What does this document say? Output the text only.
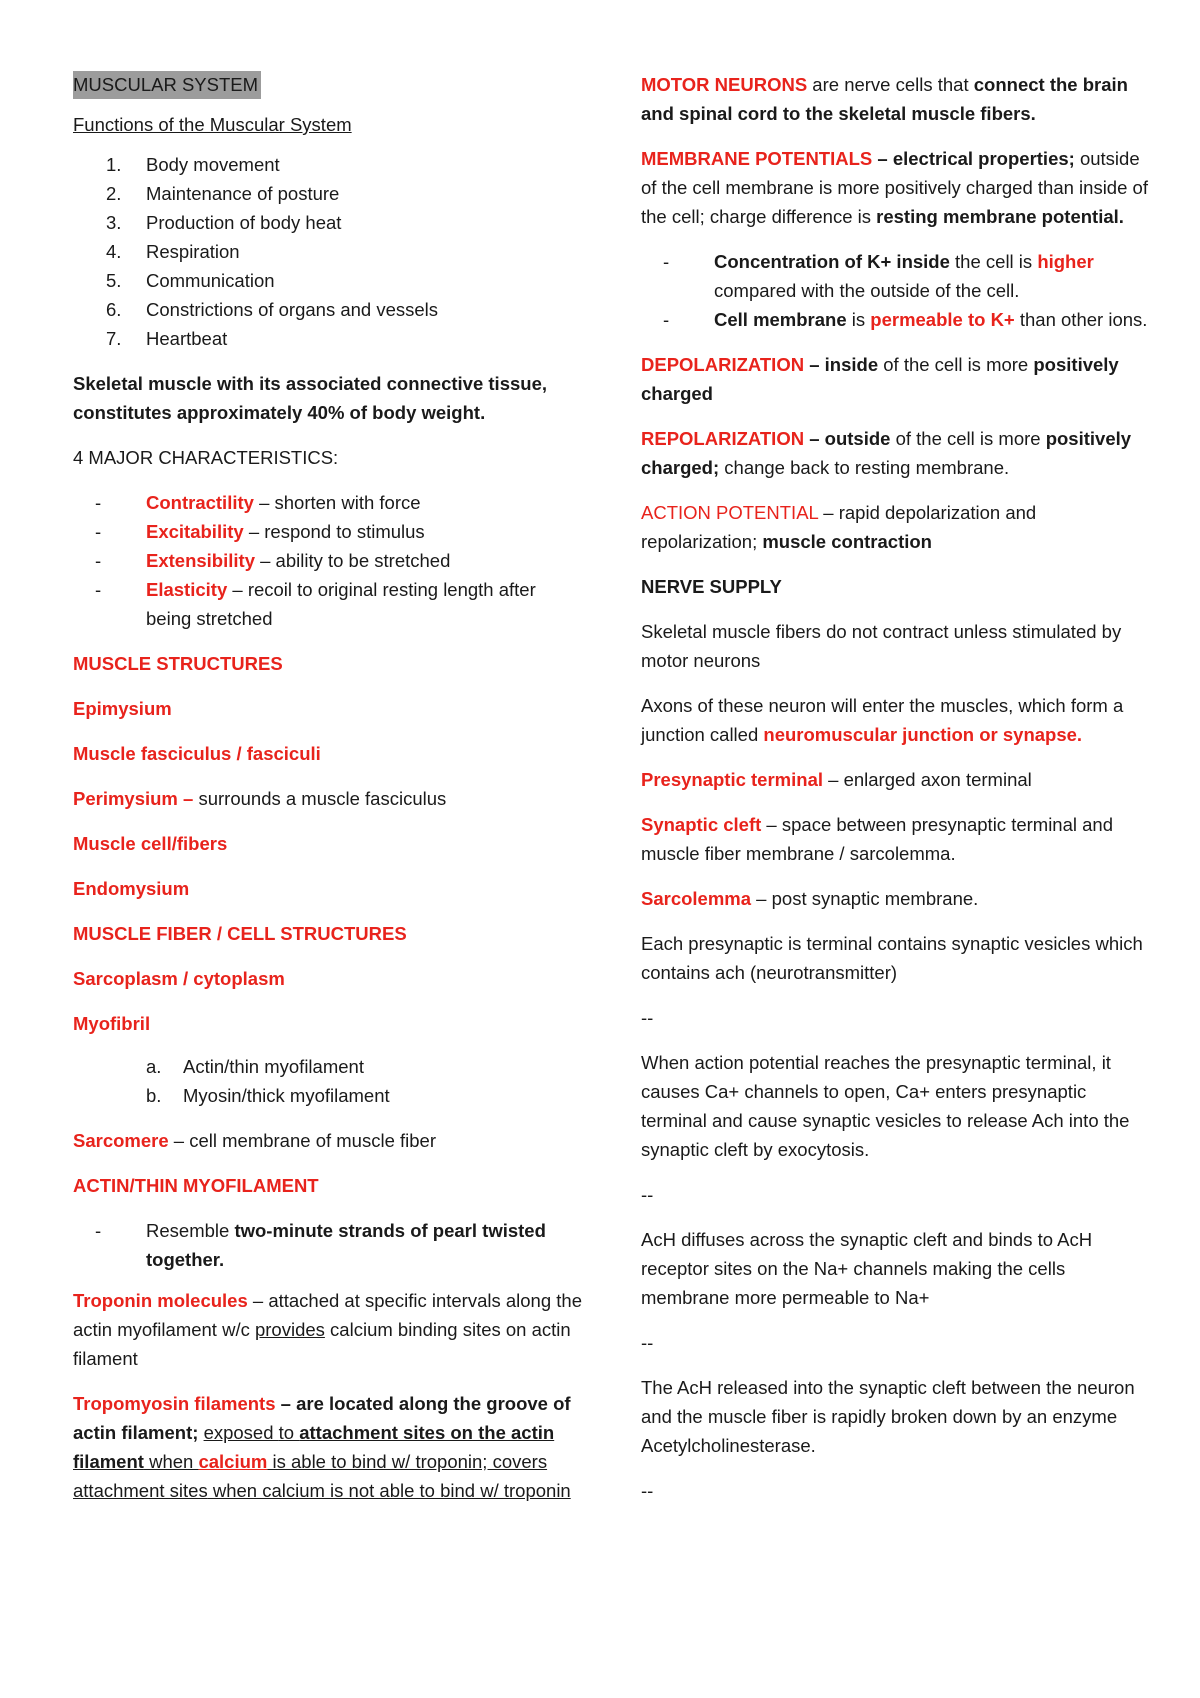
MUSCULAR SYSTEM

Functions of the Muscular System

1. Body movement
2. Maintenance of posture
3. Production of body heat
4. Respiration
5. Communication
6. Constrictions of organs and vessels
7. Heartbeat

Skeletal muscle with its associated connective tissue, constitutes approximately 40% of body weight.

4 MAJOR CHARACTERISTICS:

- Contractility – shorten with force
- Excitability – respond to stimulus
- Extensibility – ability to be stretched
- Elasticity – recoil to original resting length after being stretched

MUSCLE STRUCTURES

Epimysium

Muscle fasciculus / fasciculi

Perimysium – surrounds a muscle fasciculus

Muscle cell/fibers

Endomysium

MUSCLE FIBER / CELL STRUCTURES

Sarcoplasm / cytoplasm

Myofibril

a. Actin/thin myofilament
b. Myosin/thick myofilament

Sarcomere – cell membrane of muscle fiber

ACTIN/THIN MYOFILAMENT

- Resemble two-minute strands of pearl twisted together.

Troponin molecules – attached at specific intervals along the actin myofilament w/c provides calcium binding sites on actin filament

Tropomyosin filaments – are located along the groove of actin filament; exposed to attachment sites on the actin filament when calcium is able to bind w/ troponin; covers attachment sites when calcium is not able to bind w/ troponin

MOTOR NEURONS are nerve cells that connect the brain and spinal cord to the skeletal muscle fibers.

MEMBRANE POTENTIALS – electrical properties; outside of the cell membrane is more positively charged than inside of the cell; charge difference is resting membrane potential.

- Concentration of K+ inside the cell is higher compared with the outside of the cell.
- Cell membrane is permeable to K+ than other ions.

DEPOLARIZATION – inside of the cell is more positively charged

REPOLARIZATION – outside of the cell is more positively charged; change back to resting membrane.

ACTION POTENTIAL – rapid depolarization and repolarization; muscle contraction

NERVE SUPPLY

Skeletal muscle fibers do not contract unless stimulated by motor neurons

Axons of these neuron will enter the muscles, which form a junction called neuromuscular junction or synapse.

Presynaptic terminal – enlarged axon terminal

Synaptic cleft – space between presynaptic terminal and muscle fiber membrane / sarcolemma.

Sarcolemma – post synaptic membrane.

Each presynaptic is terminal contains synaptic vesicles which contains ach (neurotransmitter)

--

When action potential reaches the presynaptic terminal, it causes Ca+ channels to open, Ca+ enters presynaptic terminal and cause synaptic vesicles to release Ach into the synaptic cleft by exocytosis.

--

AcH diffuses across the synaptic cleft and binds to AcH receptor sites on the Na+ channels making the cells membrane more permeable to Na+

--

The AcH released into the synaptic cleft between the neuron and the muscle fiber is rapidly broken down by an enzyme Acetylcholinesterase.

--
